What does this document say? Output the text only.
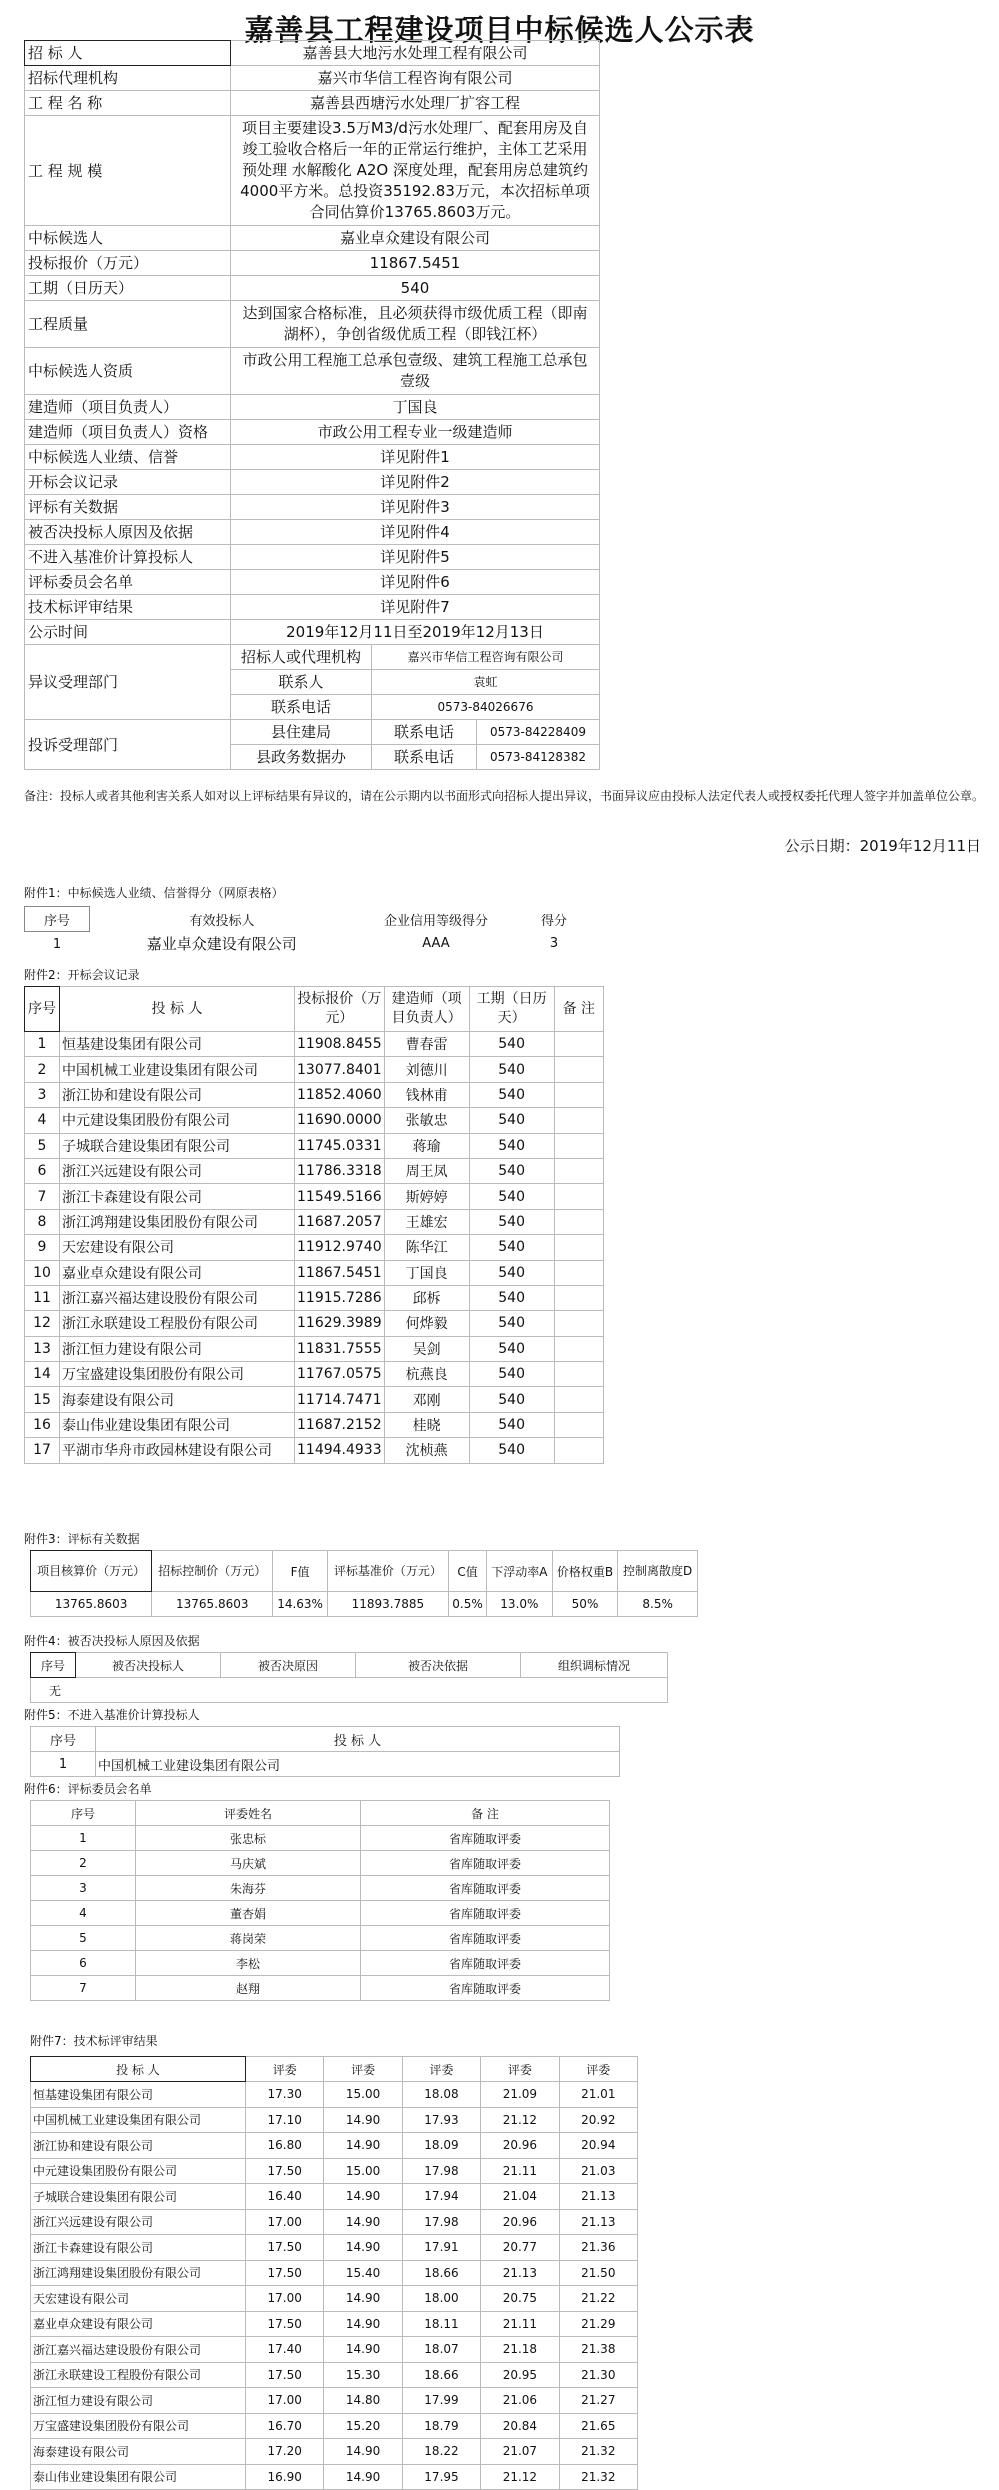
嘉善县工程建设项目中标候选人公示表
招 标 人	嘉善县大地污水处理工程有限公司		
招标代理机构	嘉兴市华信工程咨询有限公司		
工 程 名 称	嘉善县西塘污水处理厂扩容工程		
工 程 规 模	项目主要建设3.5万M3/d污水处理厂、配套用房及自竣工验收合格后一年的正常运行维护，主体工艺采用预处理 水解酸化 A2O 深度处理，配套用房总建筑约4000平方米。总投资35192.83万元，本次招标单项合同估算价13765.8603万元。		
中标候选人	嘉业卓众建设有限公司		
投标报价（万元）	11867.5451		
工期（日历天）	540		
工程质量	达到国家合格标准，且必须获得市级优质工程（即南湖杯），争创省级优质工程（即钱江杯）		
中标候选人资质	市政公用工程施工总承包壹级、建筑工程施工总承包壹级		
建造师（项目负责人）	丁国良		
建造师（项目负责人）资格	市政公用工程专业一级建造师		
中标候选人业绩、信誉	详见附件1		
开标会议记录	详见附件2		
评标有关数据	详见附件3		
被否决投标人原因及依据	详见附件4		
不进入基准价计算投标人	详见附件5		
评标委员会名单	详见附件6		
技术标评审结果	详见附件7		
公示时间	2019年12月11日至2019年12月13日		
异议受理部门	招标人或代理机构	嘉兴市华信工程咨询有限公司	
	联系人	袁虹	
	联系电话	0573-84026676	
投诉受理部门	县住建局	联系电话	0573-84228409
	县政务数据办	联系电话	0573-84128382
备注：投标人或者其他利害关系人如对以上评标结果有异议的，请在公示期内以书面形式向招标人提出异议，书面异议应由投标人法定代表人或授权委托代理人签字并加盖单位公章。
公示日期：2019年12月11日
附件1：中标候选人业绩、信誉得分（网原表格）
序号	有效投标人	企业信用等级得分	得分
1	嘉业卓众建设有限公司	AAA	3
附件2：开标会议记录
序号	投 标 人	投标报价（万元）	建造师（项目负责人）	工期（日历天）	备 注
1	恒基建设集团有限公司	11908.8455	曹春雷	540	
2	中国机械工业建设集团有限公司	13077.8401	刘德川	540	
3	浙江协和建设有限公司	11852.4060	钱林甫	540	
4	中元建设集团股份有限公司	11690.0000	张敏忠	540	
5	子城联合建设集团有限公司	11745.0331	蒋瑜	540	
6	浙江兴远建设有限公司	11786.3318	周王凤	540	
7	浙江卡森建设有限公司	11549.5166	斯婷婷	540	
8	浙江鸿翔建设集团股份有限公司	11687.2057	王雄宏	540	
9	天宏建设有限公司	11912.9740	陈华江	540	
10	嘉业卓众建设有限公司	11867.5451	丁国良	540	
11	浙江嘉兴福达建设股份有限公司	11915.7286	邱柝	540	
12	浙江永联建设工程股份有限公司	11629.3989	何烨毅	540	
13	浙江恒力建设有限公司	11831.7555	吴剑	540	
14	万宝盛建设集团股份有限公司	11767.0575	杭燕良	540	
15	海泰建设有限公司	11714.7471	邓刚	540	
16	泰山伟业建设集团有限公司	11687.2152	桂晓	540	
17	平湖市华舟市政园林建设有限公司	11494.4933	沈桢燕	540	
附件3：评标有关数据
项目核算价（万元）	招标控制价（万元）	F值	评标基准价（万元）	C值	下浮动率A	价格权重B	控制离散度D
13765.8603	13765.8603	14.63%	11893.7885	0.5%	13.0%	50%	8.5%
附件4：被否决投标人原因及依据
序号	被否决投标人	被否决原因	被否决依据	组织调标情况
无
附件5：不进入基准价计算投标人
序号	投 标 人
1	中国机械工业建设集团有限公司
附件6：评标委员会名单
序号	评委姓名	备 注
1	张忠标	省库随取评委
2	马庆斌	省库随取评委
3	朱海芬	省库随取评委
4	董杏娟	省库随取评委
5	蒋岗荣	省库随取评委
6	李松	省库随取评委
7	赵翔	省库随取评委
附件7：技术标评审结果
投 标 人	评委	评委	评委	评委	评委
恒基建设集团有限公司	17.30	15.00	18.08	21.09	21.01
中国机械工业建设集团有限公司	17.10	14.90	17.93	21.12	20.92
浙江协和建设有限公司	16.80	14.90	18.09	20.96	20.94
中元建设集团股份有限公司	17.50	15.00	17.98	21.11	21.03
子城联合建设集团有限公司	16.40	14.90	17.94	21.04	21.13
浙江兴远建设有限公司	17.00	14.90	17.98	20.96	21.13
浙江卡森建设有限公司	17.50	14.90	17.91	20.77	21.36
浙江鸿翔建设集团股份有限公司	17.50	15.40	18.66	21.13	21.50
天宏建设有限公司	17.00	14.90	18.00	20.75	21.22
嘉业卓众建设有限公司	17.50	14.90	18.11	21.11	21.29
浙江嘉兴福达建设股份有限公司	17.40	14.90	18.07	21.18	21.38
浙江永联建设工程股份有限公司	17.50	15.30	18.66	20.95	21.30
浙江恒力建设有限公司	17.00	14.80	17.99	21.06	21.27
万宝盛建设集团股份有限公司	16.70	15.20	18.79	20.84	21.65
海泰建设有限公司	17.20	14.90	18.22	21.07	21.32
泰山伟业建设集团有限公司	16.90	14.90	17.95	21.12	21.32
